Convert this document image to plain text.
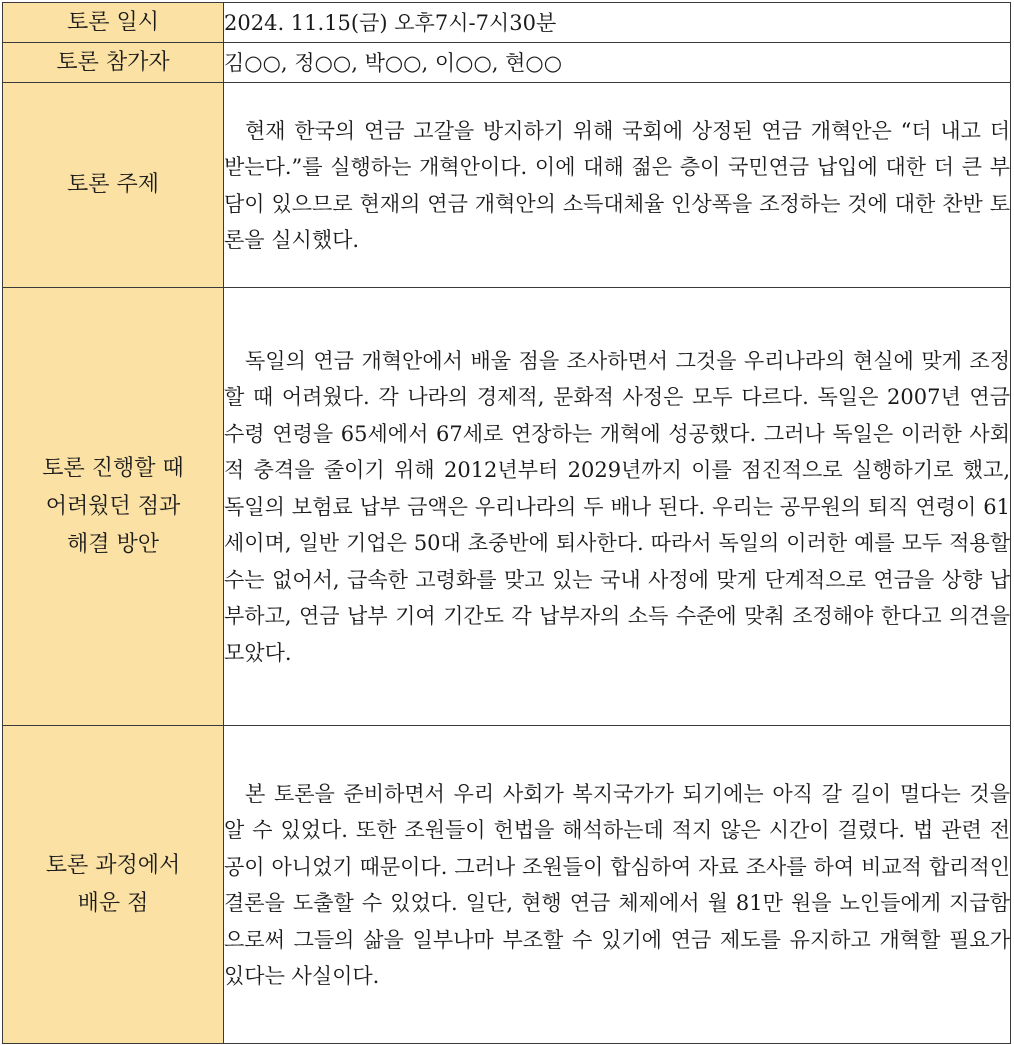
토론 일시	2024. 11.15(금) 오후7시-7시30분
토론 참가자	김○○, 정○○, 박○○, 이○○, 현○○
토론 주제	현재 한국의 연금 고갈을 방지하기 위해 국회에 상정된 연금 개혁안은 “더 내고 더 받는다.”를 실행하는 개혁안이다. 이에 대해 젊은 층이 국민연금 납입에 대한 더 큰 부담이 있으므로 현재의 연금 개혁안의 소득대체율 인상폭을 조정하는 것에 대한 찬반 토론을 실시했다.
토론 진행할 때 어려웠던 점과 해결 방안	독일의 연금 개혁안에서 배울 점을 조사하면서 그것을 우리나라의 현실에 맞게 조정할 때 어려웠다. 각 나라의 경제적, 문화적 사정은 모두 다르다. 독일은 2007년 연금 수령 연령을 65세에서 67세로 연장하는 개혁에 성공했다. 그러나 독일은 이러한 사회적 충격을 줄이기 위해 2012년부터 2029년까지 이를 점진적으로 실행하기로 했고, 독일의 보험료 납부 금액은 우리나라의 두 배나 된다. 우리는 공무원의 퇴직 연령이 61세이며, 일반 기업은 50대 초중반에 퇴사한다. 따라서 독일의 이러한 예를 모두 적용할 수는 없어서, 급속한 고령화를 맞고 있는 국내 사정에 맞게 단계적으로 연금을 상향 납부하고, 연금 납부 기여 기간도 각 납부자의 소득 수준에 맞춰 조정해야 한다고 의견을 모았다.
토론 과정에서 배운 점	본 토론을 준비하면서 우리 사회가 복지국가가 되기에는 아직 갈 길이 멀다는 것을 알 수 있었다. 또한 조원들이 헌법을 해석하는데 적지 않은 시간이 걸렸다. 법 관련 전공이 아니었기 때문이다. 그러나 조원들이 합심하여 자료 조사를 하여 비교적 합리적인 결론을 도출할 수 있었다. 일단, 현행 연금 체제에서 월 81만 원을 노인들에게 지급함으로써 그들의 삶을 일부나마 부조할 수 있기에 연금 제도를 유지하고 개혁할 필요가 있다는 사실이다.
